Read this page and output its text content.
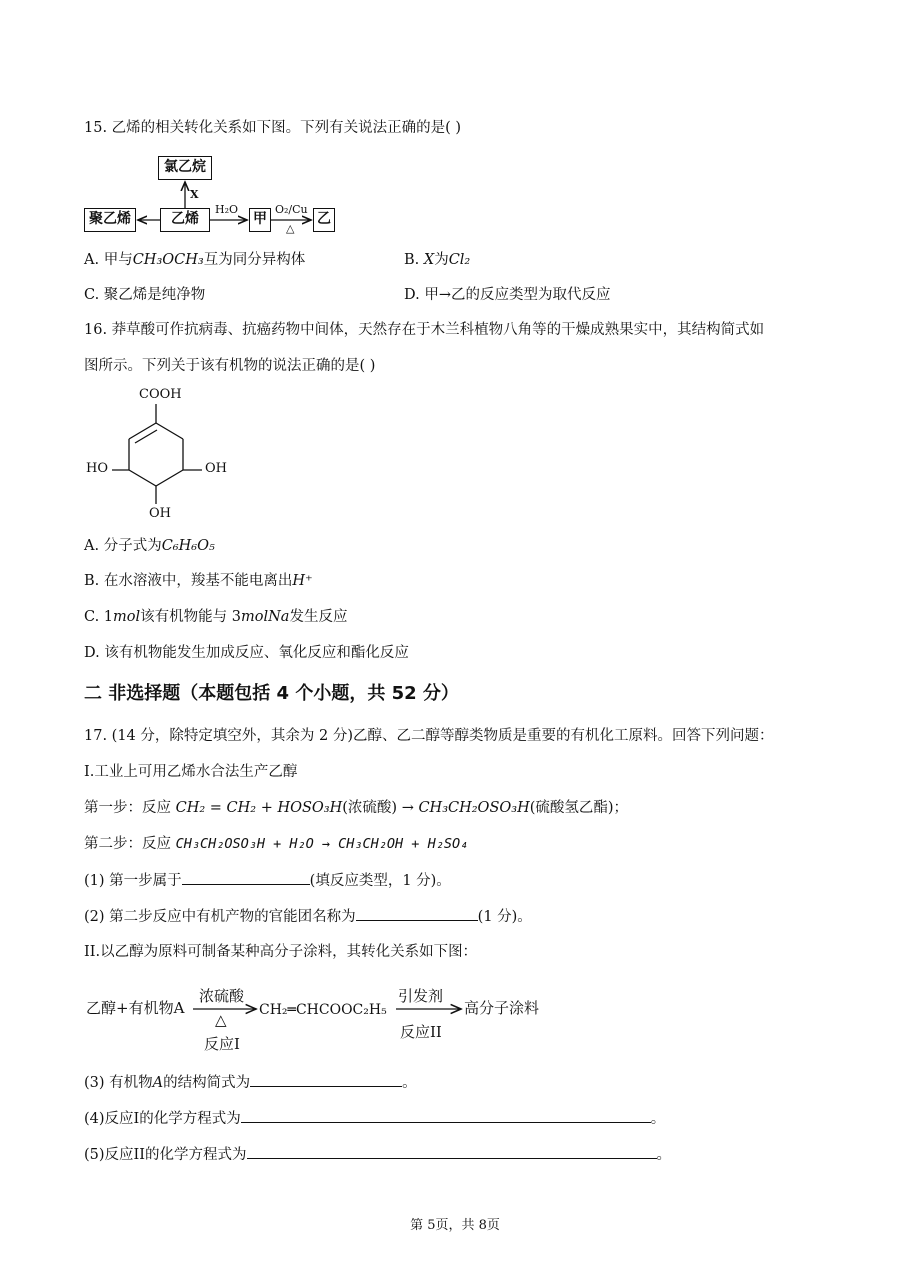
15. 乙烯的相关转化关系如下图。下列有关说法正确的是( )
氯乙烷
聚乙烯	乙烯	甲	乙
X
H₂O	O₂/Cu
△
A. 甲与CH₃OCH₃互为同分异构体	B. X为Cl₂
C. 聚乙烯是纯净物	D. 甲→乙的反应类型为取代反应
16. 莽草酸可作抗病毒、抗癌药物中间体，天然存在于木兰科植物八角等的干燥成熟果实中，其结构简式如
图所示。下列关于该有机物的说法正确的是( )
COOH
HO	OH
OH
A. 分子式为C₆H₆O₅
B. 在水溶液中，羧基不能电离出H⁺
C. 1mol该有机物能与 3molNa发生反应
D. 该有机物能发生加成反应、氧化反应和酯化反应
二 非选择题（本题包括 4 个小题，共 52 分）
17. (14 分，除特定填空外，其余为 2 分)乙醇、乙二醇等醇类物质是重要的有机化工原料。回答下列问题：
I.工业上可用乙烯水合法生产乙醇
第一步：反应 CH₂ = CH₂ + HOSO₃H(浓硫酸) → CH₃CH₂OSO₃H(硫酸氢乙酯)；
第二步：反应 CH₃CH₂OSO₃H + H₂O → CH₃CH₂OH + H₂SO₄
(1) 第一步属于	(填反应类型，1 分)。
(2) 第二步反应中有机产物的官能团名称为	(1 分)。
II.以乙醇为原料可制备某种高分子涂料，其转化关系如下图：
乙醇+有机物A
浓硫酸
△
反应I
CH₂═CHCOOC₂H₅
引发剂
反应II
高分子涂料
(3) 有机物A的结构简式为	。
(4)反应I的化学方程式为	。
(5)反应II的化学方程式为	。
第 5页，共 8页
